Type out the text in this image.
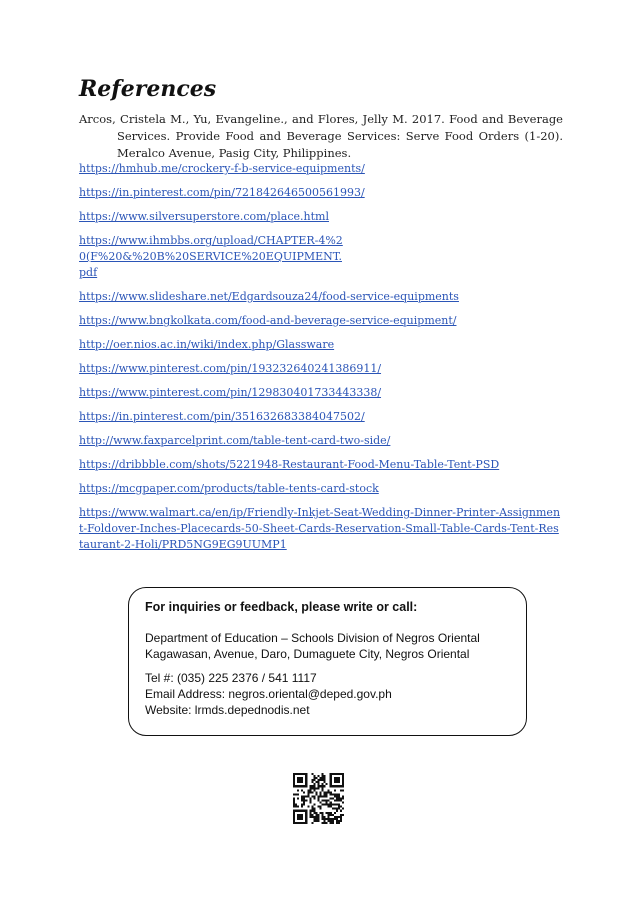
References
Arcos, Cristela M., Yu, Evangeline., and Flores, Jelly M. 2017. Food and Beverage Services. Provide Food and Beverage Services: Serve Food Orders (1-20). Meralco Avenue, Pasig City, Philippines.
https://hmhub.me/crockery-f-b-service-equipments/
https://in.pinterest.com/pin/721842646500561993/
https://www.silversuperstore.com/place.html
https://www.ihmbbs.org/upload/CHAPTER-4%20(F%20&%20B%20SERVICE%20EQUIPMENT.pdf
https://www.slideshare.net/Edgardsouza24/food-service-equipments
https://www.bngkolkata.com/food-and-beverage-service-equipment/
http://oer.nios.ac.in/wiki/index.php/Glassware
https://www.pinterest.com/pin/193232640241386911/
https://www.pinterest.com/pin/129830401733443338/
https://in.pinterest.com/pin/351632683384047502/
http://www.faxparcelprint.com/table-tent-card-two-side/
https://dribbble.com/shots/5221948-Restaurant-Food-Menu-Table-Tent-PSD
https://mcgpaper.com/products/table-tents-card-stock
https://www.walmart.ca/en/ip/Friendly-Inkjet-Seat-Wedding-Dinner-Printer-Assignment-Foldover-Inches-Placecards-50-Sheet-Cards-Reservation-Small-Table-Cards-Tent-Restaurant-2-Holi/PRD5NG9EG9UUMP1

For inquiries or feedback, please write or call:

Department of Education – Schools Division of Negros Oriental
Kagawasan, Avenue, Daro, Dumaguete City, Negros Oriental
Tel #: (035) 225 2376 / 541 1117
Email Address: negros.oriental@deped.gov.ph
Website: lrmds.depednodis.net
